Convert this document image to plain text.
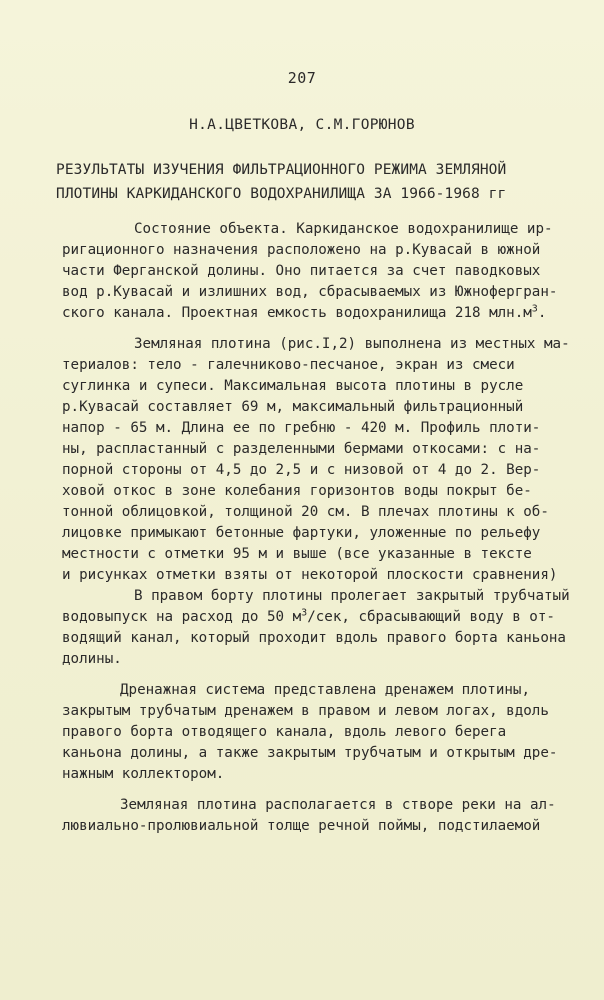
207
Н.А.ЦВЕТКОВА, С.М.ГОРЮНОВ
РЕЗУЛЬТАТЫ ИЗУЧЕНИЯ ФИЛЬТРАЦИОННОГО РЕЖИМА ЗЕМЛЯНОЙ
ПЛОТИНЫ КАРКИДАНСКОГО ВОДОХРАНИЛИЩА ЗА 1966-1968 гг
Состояние объекта. Каркиданское водохранилище ир-
ригационного назначения расположено на р.Кувасай в южной
части Ферганской долины. Оно питается за счет паводковых
вод р.Кувасай и излишних вод, сбрасываемых из Южнофергран-
ского канала. Проектная емкость водохранилища 218 $млн.м^3$.
Земляная плотина (рис.I,2) выполнена из местных ма-
териалов: тело - галечниково-песчаное, экран из смеси
суглинка и супеси. Максимальная высота плотины в русле
р.Кувасай составляет 69 м, максимальный фильтрационный
напор - 65 м. Длина ее по гребню - 420 м. Профиль плоти-
ны, распластанный с разделенными бермами откосами: с на-
порной стороны от 4,5 до 2,5 и с низовой от 4 до 2. Вер-
ховой откос в зоне колебания горизонтов воды покрыт бе-
тонной облицовкой, толщиной 20 см. В плечах плотины к об-
лицовке примыкают бетонные фартуки, уложенные по рельефу
местности с отметки 95 м и выше (все указанные в тексте
и рисунках отметки взяты от некоторой плоскости сравнения)
В правом борту плотины пролегает закрытый трубчатый
водовыпуск на расход до 50 $м^3$/сек, сбрасывающий воду в от-
водящий канал, который проходит вдоль правого борта каньона
долины.
Дренажная система представлена дренажем плотины,
закрытым трубчатым дренажем в правом и левом логах, вдоль
правого борта отводящего канала, вдоль левого берега
каньона долины, а также закрытым трубчатым и открытым дре-
нажным коллектором.
Земляная плотина располагается в створе реки на ал-
лювиально-пролювиальной толще речной поймы, подстилаемой
